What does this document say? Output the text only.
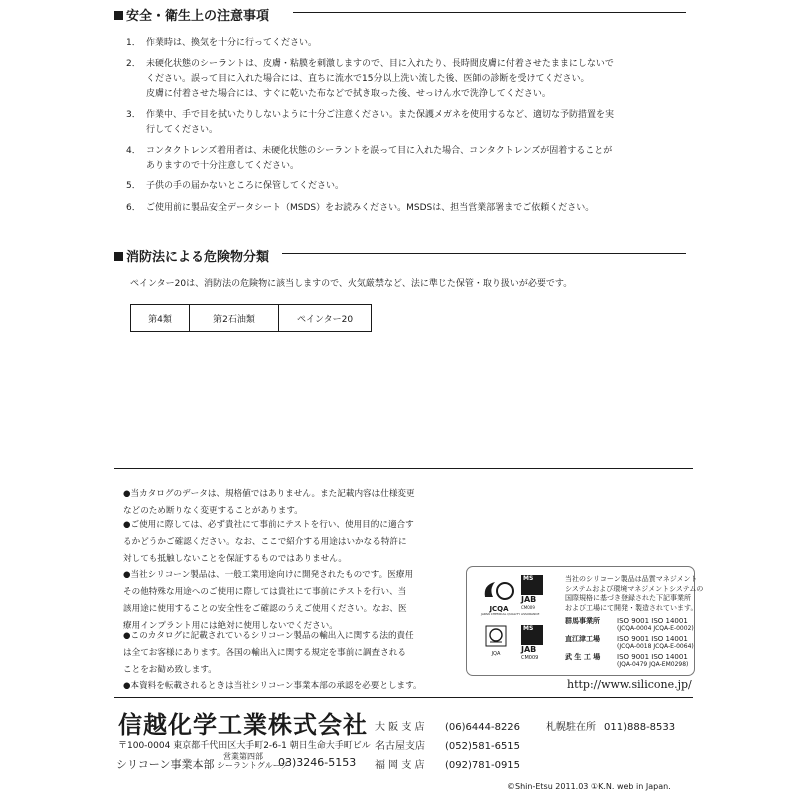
安全・衛生上の注意事項
1． 作業時は、換気を十分に行ってください。
2． 未硬化状態のシーラントは、皮膚・粘膜を刺激しますので、目に入れたり、長時間皮膚に付着させたままにしないで
ください。誤って目に入れた場合には、直ちに流水で15分以上洗い流した後、医師の診断を受けてください。
皮膚に付着させた場合には、すぐに乾いた布などで拭き取った後、せっけん水で洗浄してください。
3． 作業中、手で目を拭いたりしないように十分ご注意ください。また保護メガネを使用するなど、適切な予防措置を実
行してください。
4． コンタクトレンズ着用者は、未硬化状態のシーラントを誤って目に入れた場合、コンタクトレンズが固着することが
ありますので十分注意してください。
5． 子供の手の届かないところに保管してください。
6． ご使用前に製品安全データシート（MSDS）をお読みください。MSDSは、担当営業部署までご依頼ください。
消防法による危険物分類
ペインター20は、消防法の危険物に該当しますので、火気厳禁など、法に準じた保管・取り扱いが必要です。
第4類	第2石油類	ペインター20
●当カタログのデータは、規格値ではありません。また記載内容は仕様変更
などのため断りなく変更することがあります。
●ご使用に際しては、必ず貴社にて事前にテストを行い、使用目的に適合す
るかどうかご確認ください。なお、ここで紹介する用途はいかなる特許に
対しても抵触しないことを保証するものではありません。
●当社シリコーン製品は、一般工業用途向けに開発されたものです。医療用
その他特殊な用途へのご使用に際しては貴社にて事前にテストを行い、当
該用途に使用することの安全性をご確認のうえご使用ください。なお、医
療用インプラント用には絶対に使用しないでください。
●このカタログに記載されているシリコーン製品の輸出入に関する法的責任
は全てお客様にあります。各国の輸出入に関する規定を事前に調査される
ことをお勧め致します。
●本資料を転載されるときは当社シリコーン事業本部の承認を必要とします。
JCQA
JAPAN CHEMICAL QUALITY ASSURANCE
MS
JAB
CM009
JQA
MS
JAB
CM009
当社のシリコーン製品は品質マネジメント
システムおよび環境マネジメントシステムの
国際規格に基づき登録された下記事業所
および工場にて開発・製造されています。
群馬事業所 ISO 9001 ISO 14001
(JCQA-0004 JCQA-E-0002)
直江津工場 ISO 9001 ISO 14001
(JCQA-0018 JCQA-E-0064)
武 生 工 場 ISO 9001 ISO 14001
(JQA-0479 JQA-EM0298)
http://www.silicone.jp/
信越化学工業株式会社
〒100-0004 東京都千代田区大手町2-6-1 朝日生命大手町ビル
シリコーン事業本部
営業第四部
シーラントグループ
03)3246-5153
大 阪 支 店 (06)6444-8226	札幌駐在所 011)888-8533
名古屋支店 (052)581-6515
福 岡 支 店 (092)781-0915
©Shin-Etsu 2011.03 ①K.N. web in Japan.
